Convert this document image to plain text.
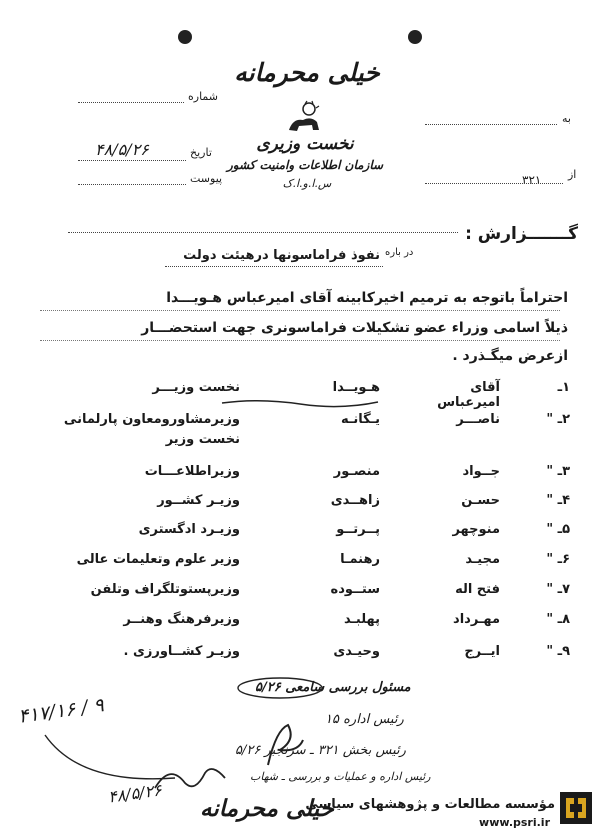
خیلی محرمانه
نخست وزیری
سازمان اطلاعات وامنیت کشور
س.ا.و.ا.ک
شماره
تاریخ
۴۸/۵/۲۶
پیوست
به
از
۳۲۱
گـــــــزارش :
در باره
نفوذ فراماسونها درهیئت دولت
احتراماً باتوجه به ترمیم اخیرکابینه آقای امیرعباس هـویـــدا
ذیلاً اسامی وزراء عضو تشکیلات فراماسونری جهت استحضـــار
ازعرض میگـذرد .
۱ـ
آقای امیرعباس
هـویــدا
نخست وزیـــر
۲ـ "
ناصـــر
یـگانـه
وزیرمشاورومعاون پارلمانی
نخست وزیر
۳ـ "
جــواد
منصـور
وزیراطلاعـــات
۴ـ "
حسـن
زاهــدی
وزیـر کشــور
۵ـ "
منوچهر
پــرتــو
وزیـرد ادگستری
۶ـ "
مجیـد
رهنمـا
وزیر علوم وتعلیمات عالی
۷ـ "
فتح اله
ستــوده
وزیرپستوتلگراف وتلفن
۸ـ "
مهـرداد
پهلبـد
وزیرفرهنگ وهنــر
۹ـ "
ایــرج
وحیـدی
وزیـر کشــاورزی .
مسئول بررسی سامعی ۵/۲۶
رئیس اداره ۱۵
رئیس بخش ۳۲۱ ـ سرنجبر ۵/۲۶
رئیس اداره و عملیات و بررسی ـ شهاب
۴۱۷/۱۶ / ۹
۴۸/۵/۲۶
خیلی محرمانه
مؤسسه مطالعات و پژوهشهای سیاسی
www.psri.ir
